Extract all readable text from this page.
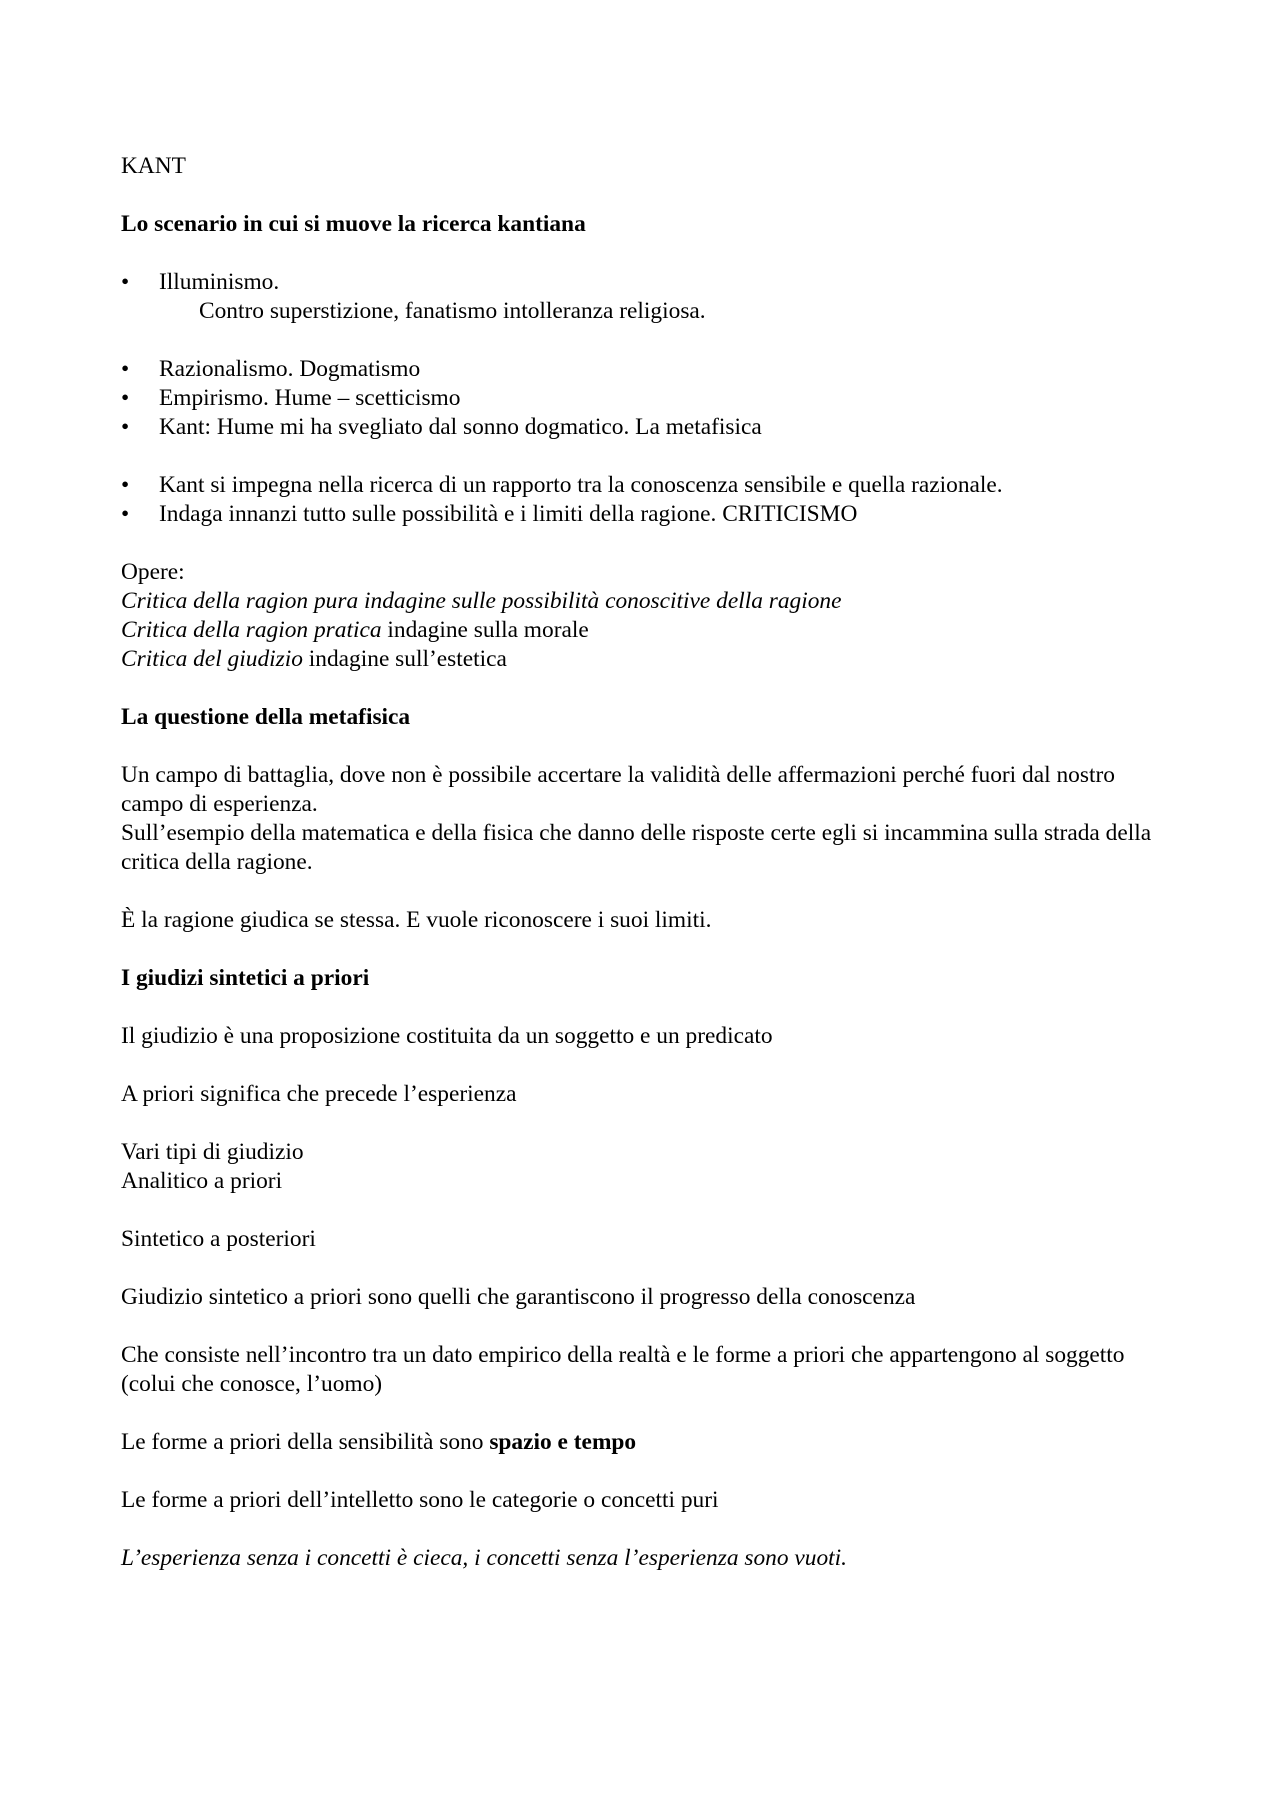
KANT
Lo scenario in cui si muove la ricerca kantiana
• Illuminismo.
Contro superstizione, fanatismo intolleranza religiosa.
• Razionalismo. Dogmatismo
• Empirismo. Hume – scetticismo
• Kant: Hume mi ha svegliato dal sonno dogmatico. La metafisica
• Kant si impegna nella ricerca di un rapporto tra la conoscenza sensibile e quella razionale.
• Indaga innanzi tutto sulle possibilità e i limiti della ragione. CRITICISMO
Opere:
Critica della ragion pura indagine sulle possibilità conoscitive della ragione
Critica della ragion pratica indagine sulla morale
Critica del giudizio indagine sull’estetica
La questione della metafisica
Un campo di battaglia, dove non è possibile accertare la validità delle affermazioni perché fuori dal nostro campo di esperienza.
Sull’esempio della matematica e della fisica che danno delle risposte certe egli si incammina sulla strada della critica della ragione.
È la ragione giudica se stessa. E vuole riconoscere i suoi limiti.
I giudizi sintetici a priori
Il giudizio è una proposizione costituita da un soggetto e un predicato
A priori significa che precede l’esperienza
Vari tipi di giudizio
Analitico a priori
Sintetico a posteriori
Giudizio sintetico a priori sono quelli che garantiscono il progresso della conoscenza
Che consiste nell’incontro tra un dato empirico della realtà e le forme a priori che appartengono al soggetto (colui che conosce, l’uomo)
Le forme a priori della sensibilità sono spazio e tempo
Le forme a priori dell’intelletto sono le categorie o concetti puri
L’esperienza senza i concetti è cieca, i concetti senza l’esperienza sono vuoti.
